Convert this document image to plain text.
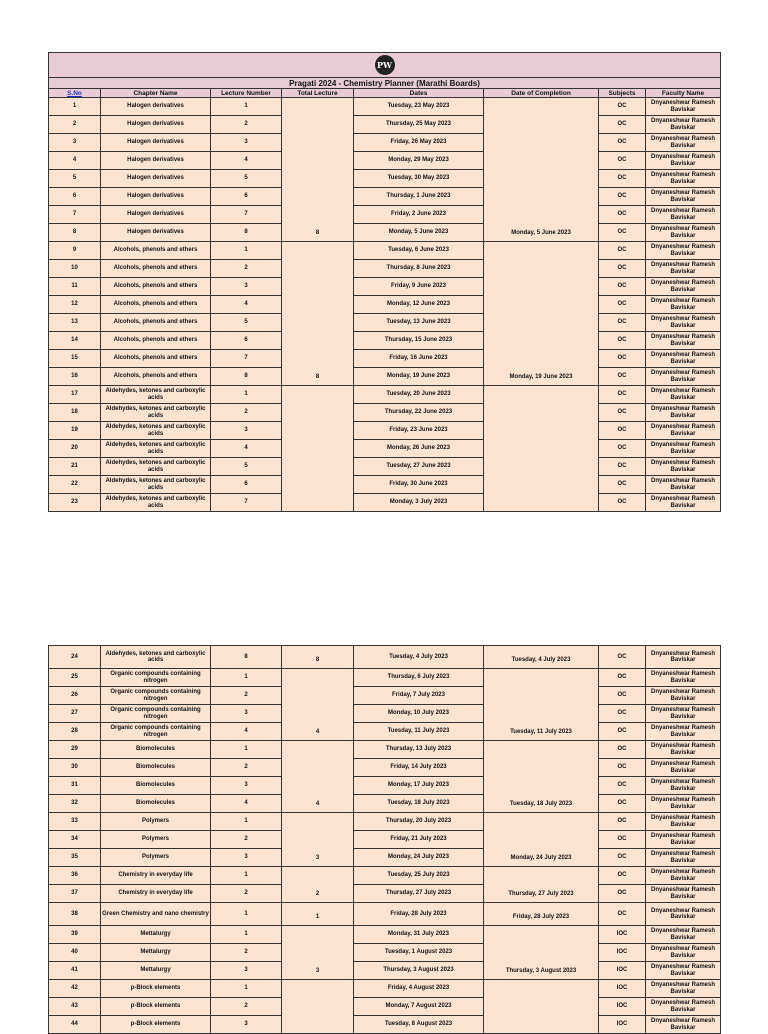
PW							
Pragati 2024 - Chemistry Planner (Marathi Boards)							
S.No	Chapter Name	Lecture Number	Total Lecture	Dates	Date of Completion	Subjects	Faculty Name
1	Halogen derivatives	1	8	Tuesday, 23 May 2023	Monday, 5 June 2023	OC	Dnyaneshwar Ramesh Baviskar
2	Halogen derivatives	2		Thursday, 25 May 2023		OC	Dnyaneshwar Ramesh Baviskar
3	Halogen derivatives	3		Friday, 26 May 2023		OC	Dnyaneshwar Ramesh Baviskar
4	Halogen derivatives	4		Monday, 29 May 2023		OC	Dnyaneshwar Ramesh Baviskar
5	Halogen derivatives	5		Tuesday, 30 May 2023		OC	Dnyaneshwar Ramesh Baviskar
6	Halogen derivatives	6		Thursday, 1 June 2023		OC	Dnyaneshwar Ramesh Baviskar
7	Halogen derivatives	7		Friday, 2 June 2023		OC	Dnyaneshwar Ramesh Baviskar
8	Halogen derivatives	8		Monday, 5 June 2023		OC	Dnyaneshwar Ramesh Baviskar
9	Alcohols, phenols and ethers	1	8	Tuesday, 6 June 2023	Monday, 19 June 2023	OC	Dnyaneshwar Ramesh Baviskar
10	Alcohols, phenols and ethers	2		Thursday, 8 June 2023		OC	Dnyaneshwar Ramesh Baviskar
11	Alcohols, phenols and ethers	3		Friday, 9 June 2023		OC	Dnyaneshwar Ramesh Baviskar
12	Alcohols, phenols and ethers	4		Monday, 12 June 2023		OC	Dnyaneshwar Ramesh Baviskar
13	Alcohols, phenols and ethers	5		Tuesday, 13 June 2023		OC	Dnyaneshwar Ramesh Baviskar
14	Alcohols, phenols and ethers	6		Thursday, 15 June 2023		OC	Dnyaneshwar Ramesh Baviskar
15	Alcohols, phenols and ethers	7		Friday, 16 June 2023		OC	Dnyaneshwar Ramesh Baviskar
16	Alcohols, phenols and ethers	8		Monday, 19 June 2023		OC	Dnyaneshwar Ramesh Baviskar
17	Aldehydes, ketones and carboxylic acids	1		Tuesday, 20 June 2023		OC	Dnyaneshwar Ramesh Baviskar
18	Aldehydes, ketones and carboxylic acids	2		Thursday, 22 June 2023		OC	Dnyaneshwar Ramesh Baviskar
19	Aldehydes, ketones and carboxylic acids	3		Friday, 23 June 2023		OC	Dnyaneshwar Ramesh Baviskar
20	Aldehydes, ketones and carboxylic acids	4		Monday, 26 June 2023		OC	Dnyaneshwar Ramesh Baviskar
21	Aldehydes, ketones and carboxylic acids	5		Tuesday, 27 June 2023		OC	Dnyaneshwar Ramesh Baviskar
22	Aldehydes, ketones and carboxylic acids	6		Friday, 30 June 2023		OC	Dnyaneshwar Ramesh Baviskar
23	Aldehydes, ketones and carboxylic acids	7		Monday, 3 July 2023		OC	Dnyaneshwar Ramesh Baviskar
24	Aldehydes, ketones and carboxylic acids	8	8	Tuesday, 4 July 2023	Tuesday, 4 July 2023	OC	Dnyaneshwar Ramesh Baviskar
25	Organic compounds containing nitrogen	1	4	Thursday, 6 July 2023	Tuesday, 11 July 2023	OC	Dnyaneshwar Ramesh Baviskar
26	Organic compounds containing nitrogen	2		Friday, 7 July 2023		OC	Dnyaneshwar Ramesh Baviskar
27	Organic compounds containing nitrogen	3		Monday, 10 July 2023		OC	Dnyaneshwar Ramesh Baviskar
28	Organic compounds containing nitrogen	4		Tuesday, 11 July 2023		OC	Dnyaneshwar Ramesh Baviskar
29	Biomolecules	1	4	Thursday, 13 July 2023	Tuesday, 18 July 2023	OC	Dnyaneshwar Ramesh Baviskar
30	Biomolecules	2		Friday, 14 July 2023		OC	Dnyaneshwar Ramesh Baviskar
31	Biomolecules	3		Monday, 17 July 2023		OC	Dnyaneshwar Ramesh Baviskar
32	Biomolecules	4		Tuesday, 18 July 2023		OC	Dnyaneshwar Ramesh Baviskar
33	Polymers	1	3	Thursday, 20 July 2023	Monday, 24 July 2023	OC	Dnyaneshwar Ramesh Baviskar
34	Polymers	2		Friday, 21 July 2023		OC	Dnyaneshwar Ramesh Baviskar
35	Polymers	3		Monday, 24 July 2023		OC	Dnyaneshwar Ramesh Baviskar
36	Chemistry in everyday life	1	2	Tuesday, 25 July 2023	Thursday, 27 July 2023	OC	Dnyaneshwar Ramesh Baviskar
37	Chemistry in everyday life	2		Thursday, 27 July 2023		OC	Dnyaneshwar Ramesh Baviskar
38	Green Chemistry and nano chemistry	1	1	Friday, 28 July 2023	Friday, 28 July 2023	OC	Dnyaneshwar Ramesh Baviskar
39	Mettalurgy	1	3	Monday, 31 July 2023	Thursday, 3 August 2023	IOC	Dnyaneshwar Ramesh Baviskar
40	Mettalurgy	2		Tuesday, 1 August 2023		IOC	Dnyaneshwar Ramesh Baviskar
41	Mettalurgy	3		Thursday, 3 August 2023		IOC	Dnyaneshwar Ramesh Baviskar
42	p-Block elements	1		Friday, 4 August 2023		IOC	Dnyaneshwar Ramesh Baviskar
43	p-Block elements	2		Monday, 7 August 2023		IOC	Dnyaneshwar Ramesh Baviskar
44	p-Block elements	3		Tuesday, 8 August 2023		IOC	Dnyaneshwar Ramesh Baviskar
